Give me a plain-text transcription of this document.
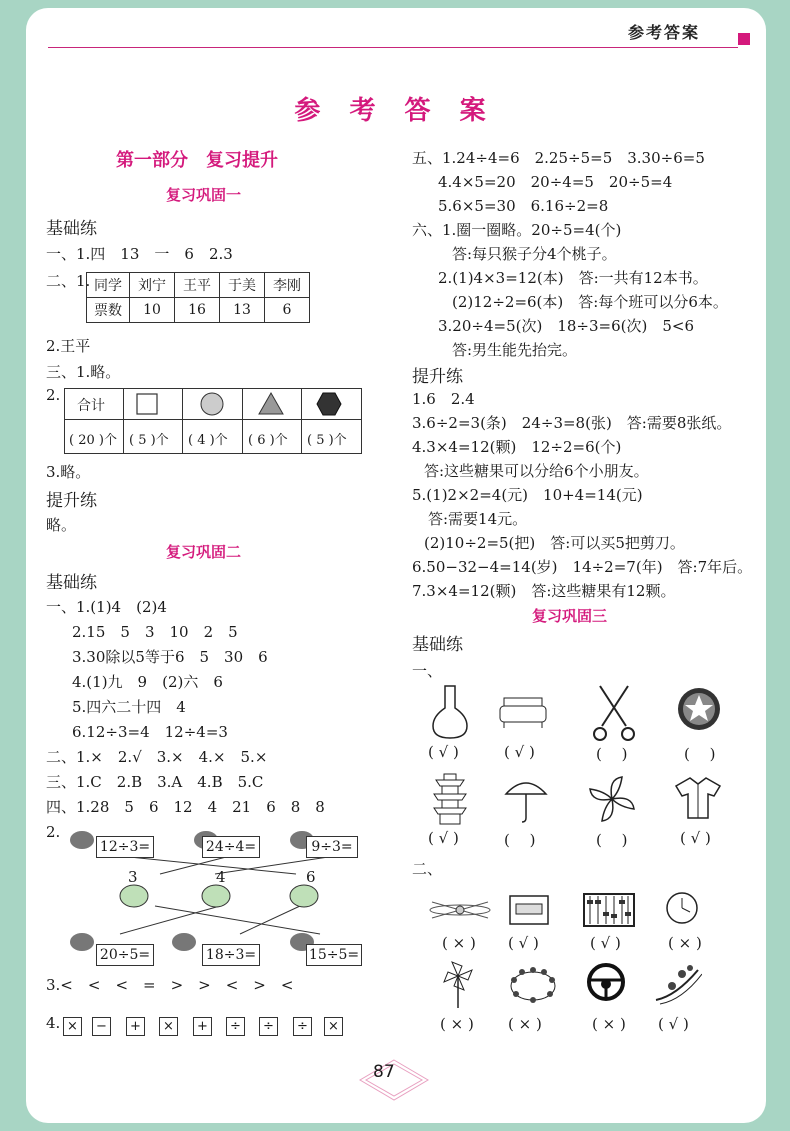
参考答案
参 考 答 案
第一部分　复习提升
复习巩固一
基础练
一、1.四　13　一　6　2.3
二、1. 同学	刘宁	王平	于美	李刚
票数	10	16	13	6
2.王平
三、1.略。
2.
合计
( 20 )个 ( 5 )个 ( 4 )个 ( 6 )个 ( 5 )个
3.略。
提升练
略。
复习巩固二
基础练
一、1.(1)4　(2)4
2.15　5　3　10　2　5
3.30除以5等于6　5　30　6
4.(1)九　9　(2)六　6
5.四六二十四　4
6.12÷3=4　12÷4=3
二、1.×　2.√　3.×　4.×　5.×
三、1.C　2.B　3.A　4.B　5.C
四、1.28　5　6　12　4　21　6　8　8
2.
12÷3=	24÷4=	9÷3=
3	4	6
20÷5=	18÷3=	15÷5=
3.<　<　<　=　>　>　<　>　<
4. ×	−	+	×	+	÷	÷	÷	×
五、1.24÷4=6　2.25÷5=5　3.30÷6=5
4.4×5=20　20÷4=5　20÷5=4
5.6×5=30　6.16÷2=8
六、1.圈一圈略。20÷5=4(个)
答:每只猴子分4个桃子。
2.(1)4×3=12(本)　答:一共有12本书。
(2)12÷2=6(本)　答:每个班可以分6本。
3.20÷4=5(次)　18÷3=6(次)　5<6
答:男生能先抬完。
提升练
1.6　2.4
3.6÷2=3(条)　24÷3=8(张)　答:需要8张纸。
4.3×4=12(颗)　12÷2=6(个)
答:这些糖果可以分给6个小朋友。
5.(1)2×2=4(元)　10+4=14(元)
答:需要14元。
(2)10÷2=5(把)　答:可以买5把剪刀。
6.50−32−4=14(岁)　14÷2=7(年)　答:7年后。
7.3×4=12(颗)　答:这些糖果有12颗。
复习巩固三
基础练
一、
( √ )	( √ )	(　 )	(　 )
( √ )	(　 )	(　 )	( √ )
二、
( × ) ( √ )	( √ )	( × )
( × ) ( × )	( × ) ( √ )
87
